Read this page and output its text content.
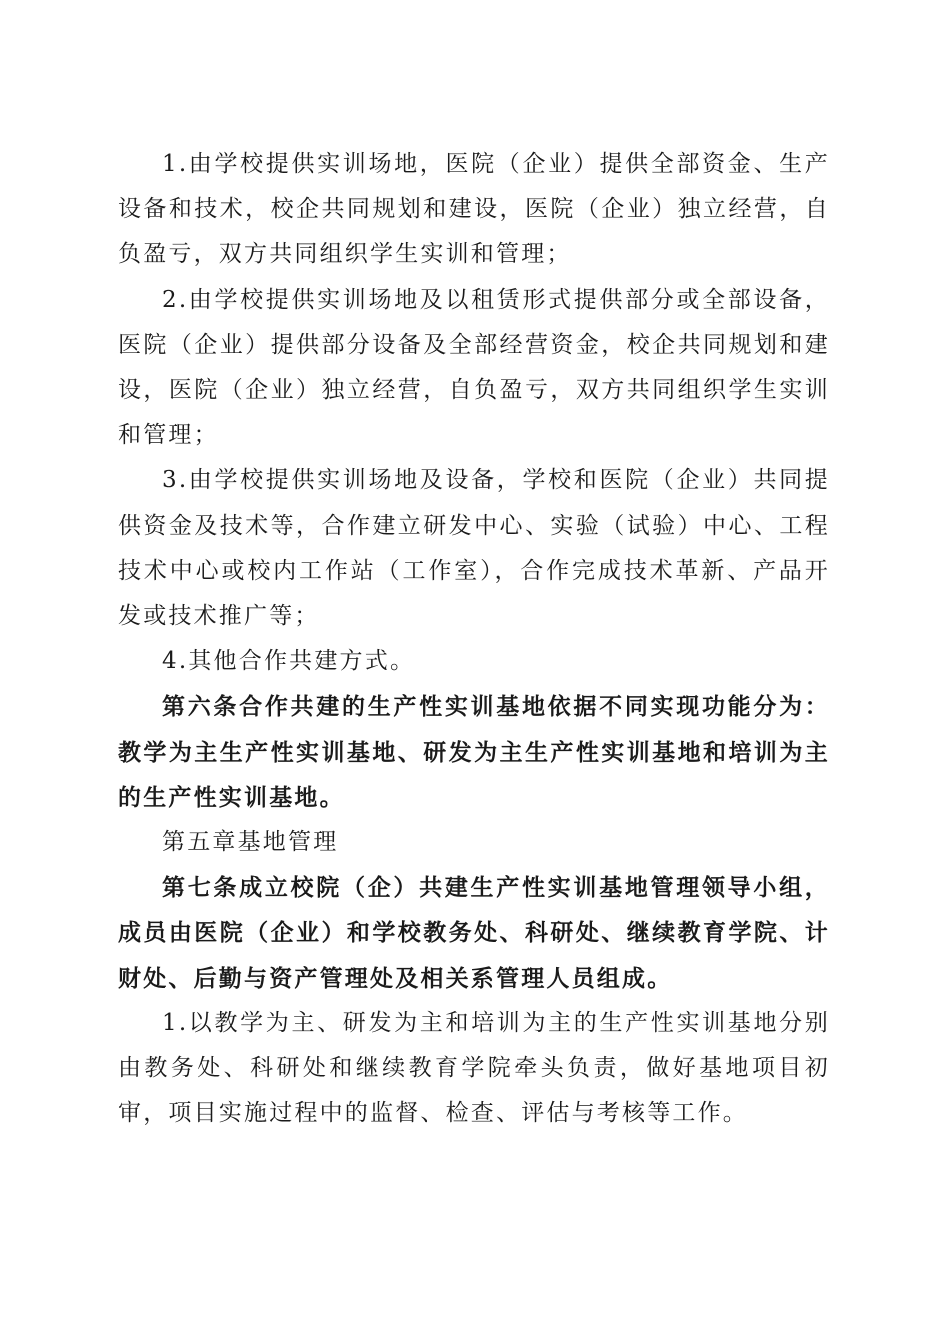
1.由学校提供实训场地，医院（企业）提供全部资金、生产设备和技术，校企共同规划和建设，医院（企业）独立经营，自负盈亏，双方共同组织学生实训和管理；

2.由学校提供实训场地及以租赁形式提供部分或全部设备，医院（企业）提供部分设备及全部经营资金，校企共同规划和建设，医院（企业）独立经营，自负盈亏，双方共同组织学生实训和管理；

3.由学校提供实训场地及设备，学校和医院（企业）共同提供资金及技术等，合作建立研发中心、实验（试验）中心、工程技术中心或校内工作站（工作室），合作完成技术革新、产品开发或技术推广等；

4.其他合作共建方式。

第六条合作共建的生产性实训基地依据不同实现功能分为：教学为主生产性实训基地、研发为主生产性实训基地和培训为主的生产性实训基地。

第五章基地管理

第七条成立校院（企）共建生产性实训基地管理领导小组，成员由医院（企业）和学校教务处、科研处、继续教育学院、计财处、后勤与资产管理处及相关系管理人员组成。

1.以教学为主、研发为主和培训为主的生产性实训基地分别由教务处、科研处和继续教育学院牵头负责，做好基地项目初审，项目实施过程中的监督、检查、评估与考核等工作。
